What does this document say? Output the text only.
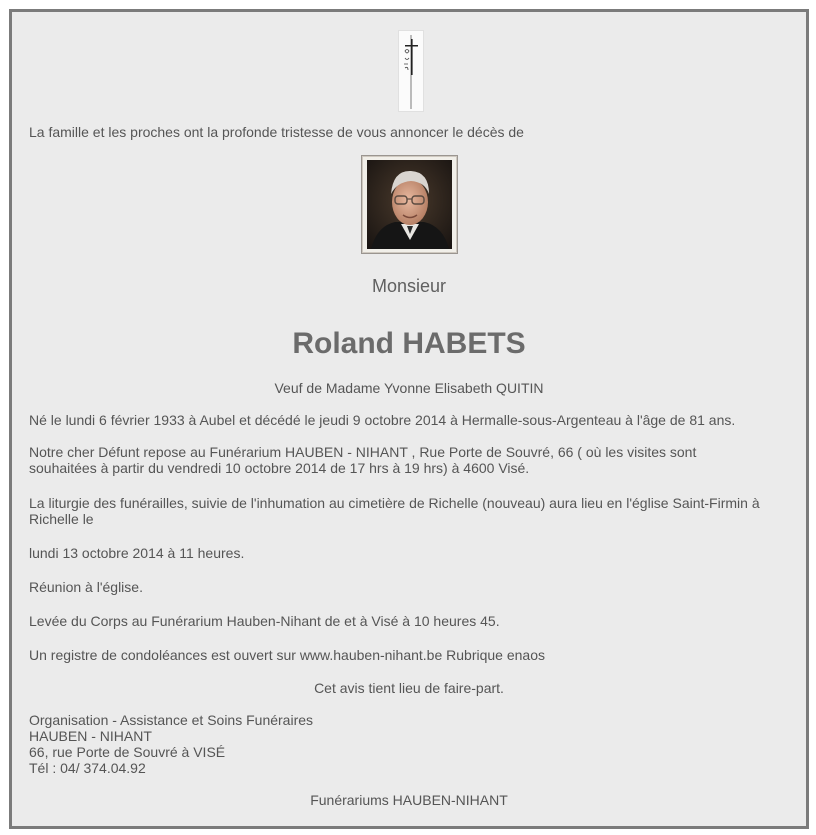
La famille et les proches ont la profonde tristesse de vous annoncer le décès de
Monsieur
Roland HABETS
Veuf de Madame Yvonne Elisabeth QUITIN
Né le lundi 6 février 1933 à Aubel et décédé le jeudi 9 octobre 2014 à Hermalle-sous-Argenteau à l'âge de 81 ans.
Notre cher Défunt repose au Funérarium HAUBEN - NIHANT , Rue Porte de Souvré, 66 ( où les visites sont
souhaitées à partir du vendredi 10 octobre 2014 de 17 hrs à 19 hrs) à 4600 Visé.
La liturgie des funérailles, suivie de l'inhumation au cimetière de Richelle (nouveau) aura lieu en l'église Saint-Firmin à
Richelle le
lundi 13 octobre 2014 à 11 heures.
Réunion à l'église.
Levée du Corps au Funérarium Hauben-Nihant de et à Visé à 10 heures 45.
Un registre de condoléances est ouvert sur www.hauben-nihant.be Rubrique enaos
Cet avis tient lieu de faire-part.
Organisation - Assistance et Soins Funéraires
HAUBEN - NIHANT
66, rue Porte de Souvré à VISÉ
Tél : 04/ 374.04.92
Funérariums HAUBEN-NIHANT
